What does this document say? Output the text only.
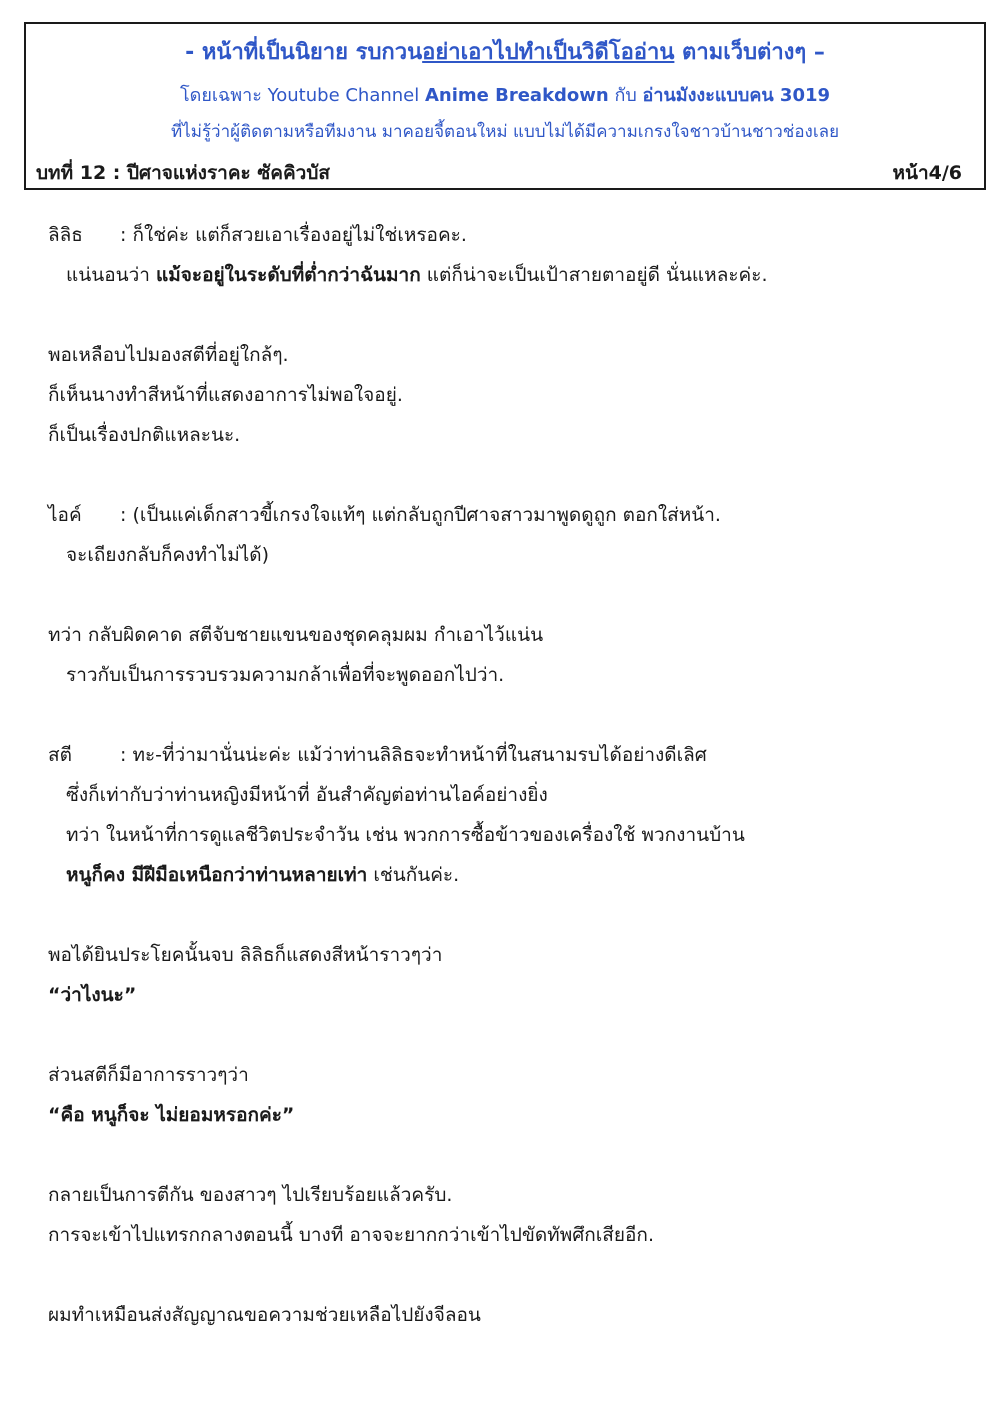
- หน้าที่เป็นนิยาย รบกวนอย่าเอาไปทำเป็นวิดีโออ่าน ตามเว็บต่างๆ –
โดยเฉพาะ Youtube Channel Anime Breakdown กับ อ่านมังงะแบบคน 3019
ที่ไม่รู้ว่าผู้ติดตามหรือทีมงาน มาคอยจี้ตอนใหม่ แบบไม่ได้มีความเกรงใจชาวบ้านชาวช่องเลย
บทที่ 12 : ปีศาจแห่งราคะ ซัคคิวบัส	หน้า4/6
ลิลิธ : ก็ใช่ค่ะ แต่ก็สวยเอาเรื่องอยู่ไม่ใช่เหรอคะ.
แน่นอนว่า แม้จะอยู่ในระดับที่ต่ำกว่าฉันมาก แต่ก็น่าจะเป็นเป้าสายตาอยู่ดี นั่นแหละค่ะ.
พอเหลือบไปมองสตีที่อยู่ใกล้ๆ.
ก็เห็นนางทำสีหน้าที่แสดงอาการไม่พอใจอยู่.
ก็เป็นเรื่องปกติแหละนะ.
ไอค์ : (เป็นแค่เด็กสาวขี้เกรงใจแท้ๆ แต่กลับถูกปีศาจสาวมาพูดดูถูก ตอกใส่หน้า.
จะเถียงกลับก็คงทำไม่ได้)
ทว่า กลับผิดคาด สตีจับชายแขนของชุดคลุมผม กำเอาไว้แน่น
ราวกับเป็นการรวบรวมความกล้าเพื่อที่จะพูดออกไปว่า.
สตี	: ทะ-ที่ว่ามานั่นน่ะค่ะ แม้ว่าท่านลิลิธจะทำหน้าที่ในสนามรบได้อย่างดีเลิศ
ซึ่งก็เท่ากับว่าท่านหญิงมีหน้าที่ อันสำคัญต่อท่านไอค์อย่างยิ่ง
ทว่า ในหน้าที่การดูแลชีวิตประจำวัน เช่น พวกการซื้อข้าวของเครื่องใช้ พวกงานบ้าน
หนูก็คง มีฝีมือเหนือกว่าท่านหลายเท่า เช่นกันค่ะ.
พอได้ยินประโยคนั้นจบ ลิลิธก็แสดงสีหน้าราวๆว่า
“ว่าไงนะ”
ส่วนสตีก็มีอาการราวๆว่า
“คือ หนูก็จะ ไม่ยอมหรอกค่ะ”
กลายเป็นการตีกัน ของสาวๆ ไปเรียบร้อยแล้วครับ.
การจะเข้าไปแทรกกลางตอนนี้ บางที อาจจะยากกว่าเข้าไปขัดทัพศึกเสียอีก.
ผมทำเหมือนส่งสัญญาณขอความช่วยเหลือไปยังจีลอน
